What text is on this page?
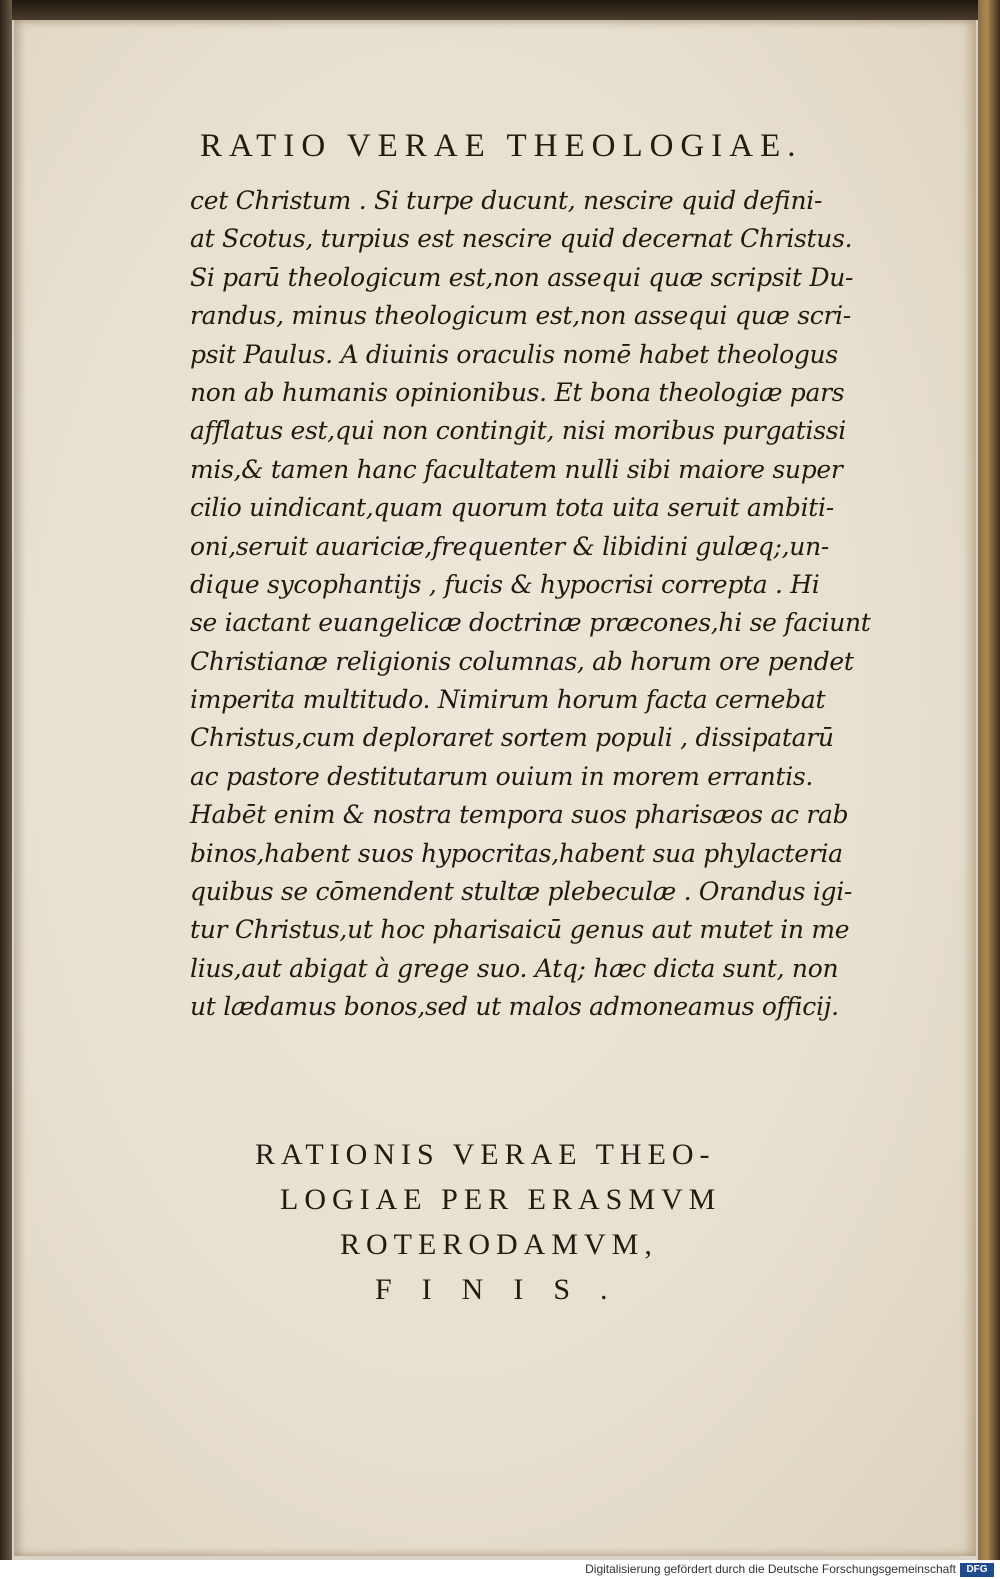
RATIO VERAE THEOLOGIAE.
cet Christum . Si turpe ducunt, nescire quid defini-
at Scotus, turpius est nescire quid decernat Christus.
Si parū theologicum est,non assequi quæ scripsit Du-
randus, minus theologicum est,non assequi quæ scri-
psit Paulus. A diuinis oraculis nomē habet theologus
non ab humanis opinionibus. Et bona theologiæ pars
afflatus est,qui non contingit, nisi moribus purgatissi
mis,& tamen hanc facultatem nulli sibi maiore super
cilio uindicant,quam quorum tota uita seruit ambiti-
oni,seruit auariciæ,frequenter & libidini gulæq;,un-
dique sycophantijs , fucis & hypocrisi correpta . Hi
se iactant euangelicæ doctrinæ præcones,hi se faciunt
Christianæ religionis columnas, ab horum ore pendet
imperita multitudo. Nimirum horum facta cernebat
Christus,cum deploraret sortem populi , dissipatarū
ac pastore destitutarum ouium in morem errantis.
Habēt enim & nostra tempora suos pharisæos ac rab
binos,habent suos hypocritas,habent sua phylacteria
quibus se cōmendent stultæ plebeculæ . Orandus igi-
tur Christus,ut hoc pharisaicū genus aut mutet in me
lius,aut abigat à grege suo. Atq; hæc dicta sunt, non
ut lædamus bonos,sed ut malos admoneamus officij.
RATIONIS VERAE THEO-
LOGIAE PER ERASMVM
ROTERODAMVM,
FINIS.
Digitalisierung gefördert durch die Deutsche Forschungsgemeinschaft	DFG
